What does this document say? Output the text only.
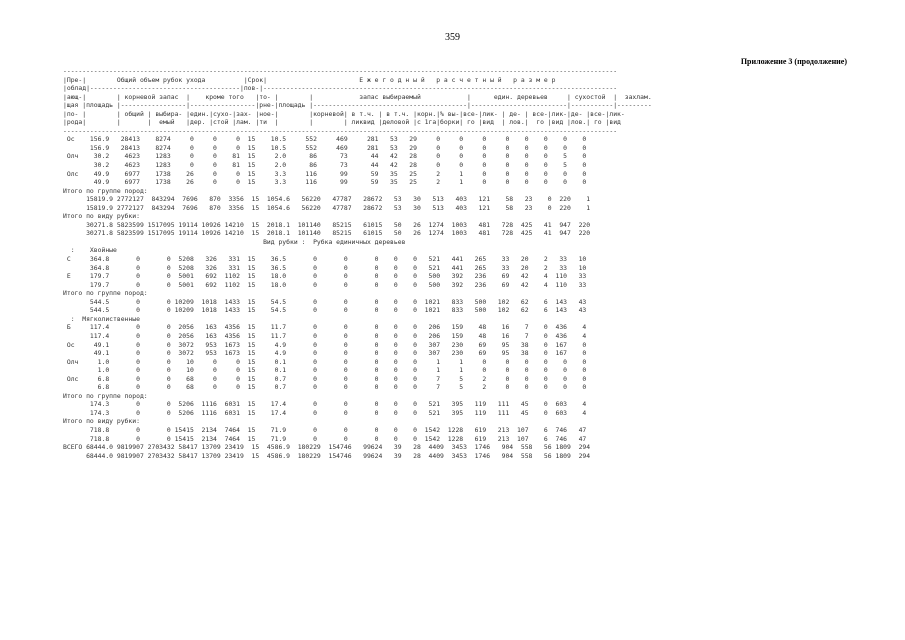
359
Приложение 3 (продолжение)
------------------------------------------------------------------------------------------------------------------------------------------------
|Пре-|        Общий объем рубок ухода          |Срок|                        Е ж е г о д н ы й   р а с ч е т н ы й   р а з м е р
|облад|---------------------------------------|пов-|--------------------------------------------------------------------------------------------
|ающ-|        | корневой запас  |    кроме того   |то- |        |            запас выбираемый            |      един. деревьев     | сухостой  |  захлам.
|щая |площадь |-----------------|-----------------|рне-|площадь |----------------------------------------|-------------------------|-----------|---------
|по- |        | общий | выбира- |един.|сухо-|зах- |ное-|        |корневой| в т.ч. | в т.ч. |корн.|% вы-|все-|лик- | де- | все-|лик-|де- |все-|лик-
|рода|        |       |  емый   |дер. |стой |лам. |ти  |        |        | ликвид |деловой |с 1га|борки| го |вид  | лов.|  го |вид |лов.| го |вид
------------------------------------------------------------------------------------------------------------------------------------------------
Ос    156.9   28413    8274     0     0     0  15    10.5     552     469     281   53   29     0     0     0     0    0    0    0    0
156.9   28413    8274     0     0     0  15    10.5     552     469     281   53   29     0     0     0     0    0    0    0    0
Олч    30.2    4623    1283     0     0    81  15     2.0      86      73      44   42   28     0     0     0     0    0    0    5    0
30.2    4623    1283     0     0    81  15     2.0      86      73      44   42   28     0     0     0     0    0    0    5    0
Олс    49.9    6977    1738    26     0     0  15     3.3     116      99      59   35   25     2     1     0     0    0    0    0    0
49.9    6977    1738    26     0     0  15     3.3     116      99      59   35   25     2     1     0     0    0    0    0    0
Итого по группе пород:
15819.9 2772127  843294  7696   870  3356  15  1054.6   56220   47787   28672   53   30   513   403   121    58   23    0  220    1
15819.9 2772127  843294  7696   870  3356  15  1054.6   56220   47787   28672   53   30   513   403   121    58   23    0  220    1
Итого по виду рубки:
30271.8 5823599 1517095 19114 10926 14210  15  2018.1  101140   85215   61015   50   26  1274  1003   481   728  425   41  947  220
30271.8 5823599 1517095 19114 10926 14210  15  2018.1  101140   85215   61015   50   26  1274  1003   481   728  425   41  947  220
Вид рубки :  Рубка единичных деревьев
:    Хвойные
С     364.8       0       0  5208   326   331  15    36.5       0       0       0    0    0   521   441   265    33   20    2   33   10
364.8       0       0  5208   326   331  15    36.5       0       0       0    0    0   521   441   265    33   20    2   33   10
Е     179.7       0       0  5001   692  1102  15    18.0       0       0       0    0    0   500   392   236    69   42    4  110   33
179.7       0       0  5001   692  1102  15    18.0       0       0       0    0    0   500   392   236    69   42    4  110   33
Итого по группе пород:
544.5       0       0 10209  1018  1433  15    54.5       0       0       0    0    0  1021   833   500   102   62    6  143   43
544.5       0       0 10209  1018  1433  15    54.5       0       0       0    0    0  1021   833   500   102   62    6  143   43
:  Мягколиственные
Б     117.4       0       0  2056   163  4356  15    11.7       0       0       0    0    0   206   159    48    16    7    0  436    4
117.4       0       0  2056   163  4356  15    11.7       0       0       0    0    0   206   159    48    16    7    0  436    4
Ос     49.1       0       0  3072   953  1673  15     4.9       0       0       0    0    0   307   230    69    95   38    0  167    0
49.1       0       0  3072   953  1673  15     4.9       0       0       0    0    0   307   230    69    95   38    0  167    0
Олч     1.0       0       0    10     0     0  15     0.1       0       0       0    0    0     1     1     0     0    0    0    0    0
1.0       0       0    10     0     0  15     0.1       0       0       0    0    0     1     1     0     0    0    0    0    0
Олс     6.8       0       0    68     0     0  15     0.7       0       0       0    0    0     7     5     2     0    0    0    0    0
6.8       0       0    68     0     0  15     0.7       0       0       0    0    0     7     5     2     0    0    0    0    0
Итого по группе пород:
174.3       0       0  5206  1116  6031  15    17.4       0       0       0    0    0   521   395   119   111   45    0  603    4
174.3       0       0  5206  1116  6031  15    17.4       0       0       0    0    0   521   395   119   111   45    0  603    4
Итого по виду рубки:
718.8       0       0 15415  2134  7464  15    71.9       0       0       0    0    0  1542  1228   619   213  107    6  746   47
718.8       0       0 15415  2134  7464  15    71.9       0       0       0    0    0  1542  1228   619   213  107    6  746   47
ВСЕГО 68444.0 9819907 2703432 58417 13709 23419  15  4586.9  180229  154746   99624   39   28  4409  3453  1746   904  558   56 1809  294
68444.0 9819907 2703432 58417 13709 23419  15  4586.9  180229  154746   99624   39   28  4409  3453  1746   904  558   56 1809  294
